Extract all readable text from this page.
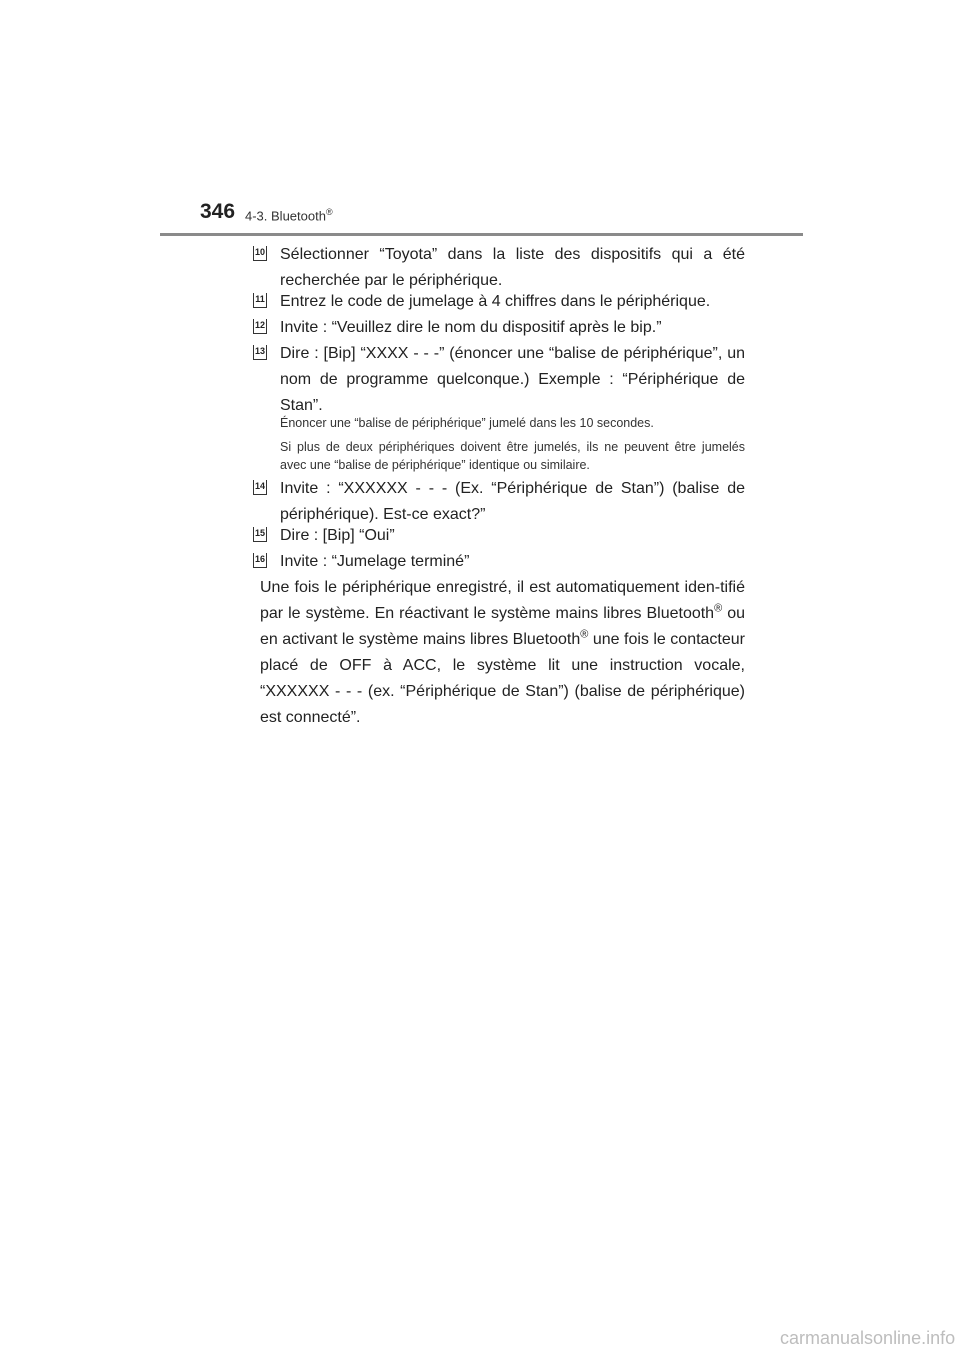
346 4-3. Bluetooth®
10 Sélectionner “Toyota” dans la liste des dispositifs qui a été recherchée par le périphérique.
11 Entrez le code de jumelage à 4 chiffres dans le périphérique.
12 Invite : “Veuillez dire le nom du dispositif après le bip.”
13 Dire : [Bip] “XXXX - - -” (énoncer une “balise de périphérique”, un nom de programme quelconque.) Exemple : “Périphérique de Stan”.
Énoncer une “balise de périphérique” jumelé dans les 10 secondes.
Si plus de deux périphériques doivent être jumelés, ils ne peuvent être jumelés avec une “balise de périphérique” identique ou similaire.
14 Invite : “XXXXXX - - - (Ex. “Périphérique de Stan”) (balise de périphérique). Est-ce exact?”
15 Dire : [Bip] “Oui”
16 Invite : “Jumelage terminé”
Une fois le périphérique enregistré, il est automatiquement iden-tifié par le système. En réactivant le système mains libres Bluetooth® ou en activant le système mains libres Bluetooth® une fois le contacteur placé de OFF à ACC, le système lit une instruction vocale, “XXXXXX - - - (ex. “Périphérique de Stan”) (balise de périphérique) est connecté”.
carmanualsonline.info
